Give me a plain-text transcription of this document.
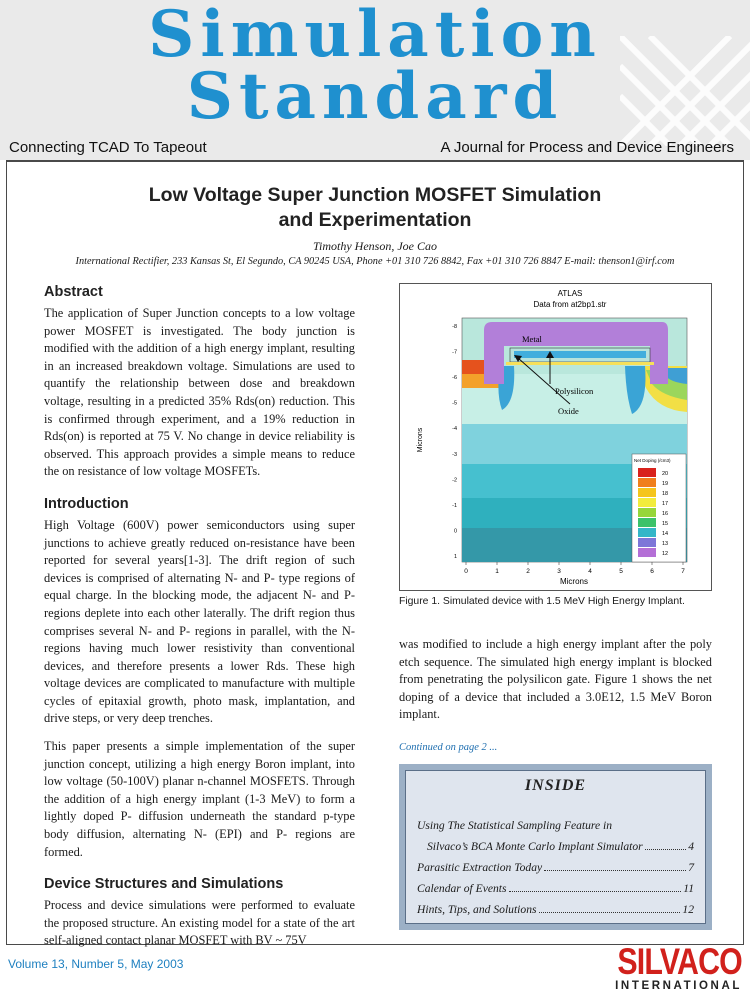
Simulation
Standard
Connecting TCAD To Tapeout	A Journal for Process and Device Engineers
Low Voltage Super Junction MOSFET Simulation
and Experimentation
Timothy Henson, Joe Cao
International Rectifier, 233 Kansas St, El Segundo, CA 90245 USA, Phone +01 310 726 8842, Fax +01 310 726 8847 E-mail: thenson1@irf.com
Abstract

The application of Super Junction concepts to a low voltage power MOSFET is investigated. The body junction is modified with the addition of a high energy implant, resulting in an increased breakdown voltage. Simulations are used to quantify the relationship between dose and breakdown voltage, resulting in a predicted 35% Rds(on) reduction. This is confirmed through experiment, and a 19% reduction in Rds(on) is reported at 75 V. No change in device reliability is observed. This approach provides a simple means to reduce the on resistance of low voltage MOSFETs.

Introduction

High Voltage (600V) power semiconductors using super junctions to achieve greatly reduced on-resistance have been reported for several years[1-3]. The drift region of such devices is comprised of alternating N- and P- type regions of equal charge. In the blocking mode, the adjacent N- and P- regions deplete into each other laterally. The drift region thus comprises several N- and P- regions in parallel, with the N- regions having much lower resistivity than conventional devices, and therefore presents a lower Rds. These high voltage devices are complicated to manufacture with multiple cycles of epitaxial growth, photo mask, implantation, and drive steps, or very deep trenches.

This paper presents a simple implementation of the super junction concept, utilizing a high energy Boron implant, into low voltage (50-100V) planar n-channel MOSFETS. Through the addition of a high energy implant (1-3 MeV) to form a lightly doped P- diffusion underneath the standard p-type body diffusion, alternating N- (EPI) and P- regions are formed.

Device Structures and Simulations

Process and device simulations were performed to evaluate the proposed structure. An existing model for a state of the art self-aligned contact planar MOSFET with BV ~ 75V

ATLAS
Data from at2bp1.str
Metal
Polysilicon
Oxide
Net Doping (/cm3)
20
19
18
17
16
15
14
13
12
0	1	2	3	4	5	6	7
-8
-7
-6
-5
-4
-3
-2
-1
0
1
Microns
Microns
Figure 1. Simulated device with 1.5 MeV High Energy Implant.

was modified to include a high energy implant after the poly etch sequence. The simulated high energy implant is blocked from penetrating the polysilicon gate. Figure 1 shows the net doping of a device that included a 3.0E12, 1.5 MeV Boron implant.

Continued on page 2 ...
INSIDE
Using The Statistical Sampling Feature in
Silvaco’s BCA Monte Carlo Implant Simulator	4
Parasitic Extraction Today	7
Calendar of Events	11
Hints, Tips, and Solutions	12
Volume 13, Number 5, May 2003	SILVACO
INTERNATIONAL
